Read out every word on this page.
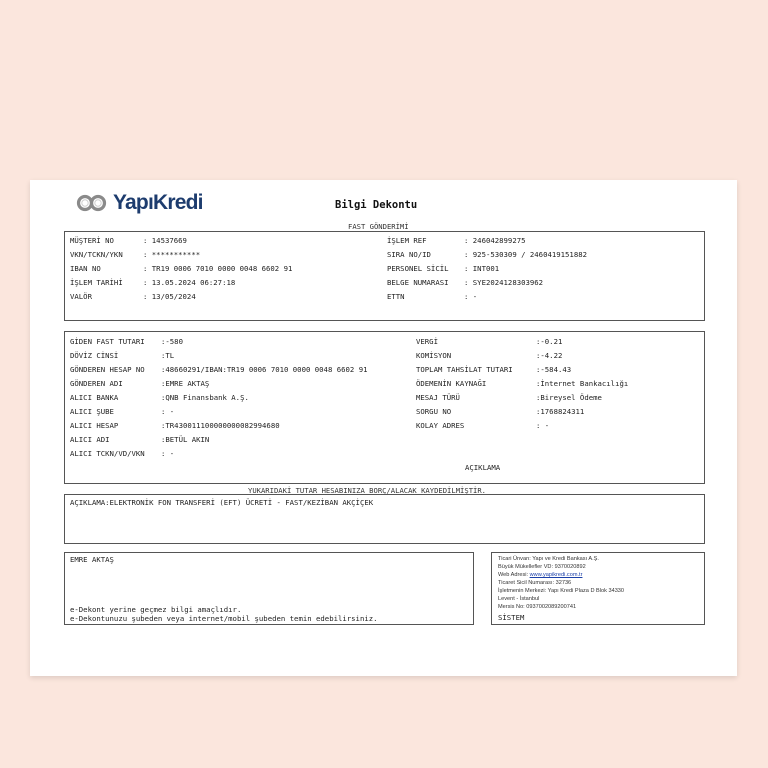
YapıKredi	Bilgi Dekontu
FAST GÖNDERİMİ
MÜŞTERİ NO	: 14537669
VKN/TCKN/YKN	: ***********
IBAN NO	: TR19 0006 7010 0000 0048 6602 91
İŞLEM TARİHİ	: 13.05.2024 06:27:18
VALÖR	: 13/05/2024
İŞLEM REF	: 246042899275
SIRA NO/ID	: 925-530309 / 2460419151882
PERSONEL SİCİL : INT001
BELGE NUMARASI : SYE2024128303962
ETTN	: -
GİDEN FAST TUTARI :-580
DÖVİZ CİNSİ	:TL
GÖNDEREN HESAP NO :48660291/IBAN:TR19 0006 7010 0000 0048 6602 91
GÖNDEREN ADI	:EMRE AKTAŞ
ALICI BANKA	:QNB Finansbank A.Ş.
ALICI ŞUBE	: -
ALICI HESAP	:TR430011100000000082994680
ALICI ADI	:BETÜL AKIN
ALICI TCKN/VD/VKN : -
VERGİ	:-0.21
KOMİSYON	:-4.22
TOPLAM TAHSİLAT TUTARI	:-584.43
ÖDEMENİN KAYNAĞI	:İnternet Bankacılığı
MESAJ TÜRÜ	:Bireysel Ödeme
SORGU NO	:1768824311
KOLAY ADRES	: -
AÇIKLAMA
YUKARIDAKİ TUTAR HESABINIZA BORÇ/ALACAK KAYDEDİLMİŞTİR.
AÇIKLAMA:ELEKTRONİK FON TRANSFERİ (EFT) ÜCRETİ - FAST/KEZİBAN AKÇİÇEK
EMRE AKTAŞ
e-Dekont yerine geçmez bilgi amaçlıdır.
e-Dekontunuzu şubeden veya internet/mobil şubeden temin edebilirsiniz.
Ticari Ünvan: Yapı ve Kredi Bankası A.Ş.
Büyük Mükellefler VD: 9370020892
Web Adresi: www.yapikredi.com.tr
Ticaret Sicil Numarası: 32736
İşletmenin Merkezi: Yapı Kredi Plaza D Blok 34330
Levent - İstanbul
Mersis No: 0937002089200741
SİSTEM
